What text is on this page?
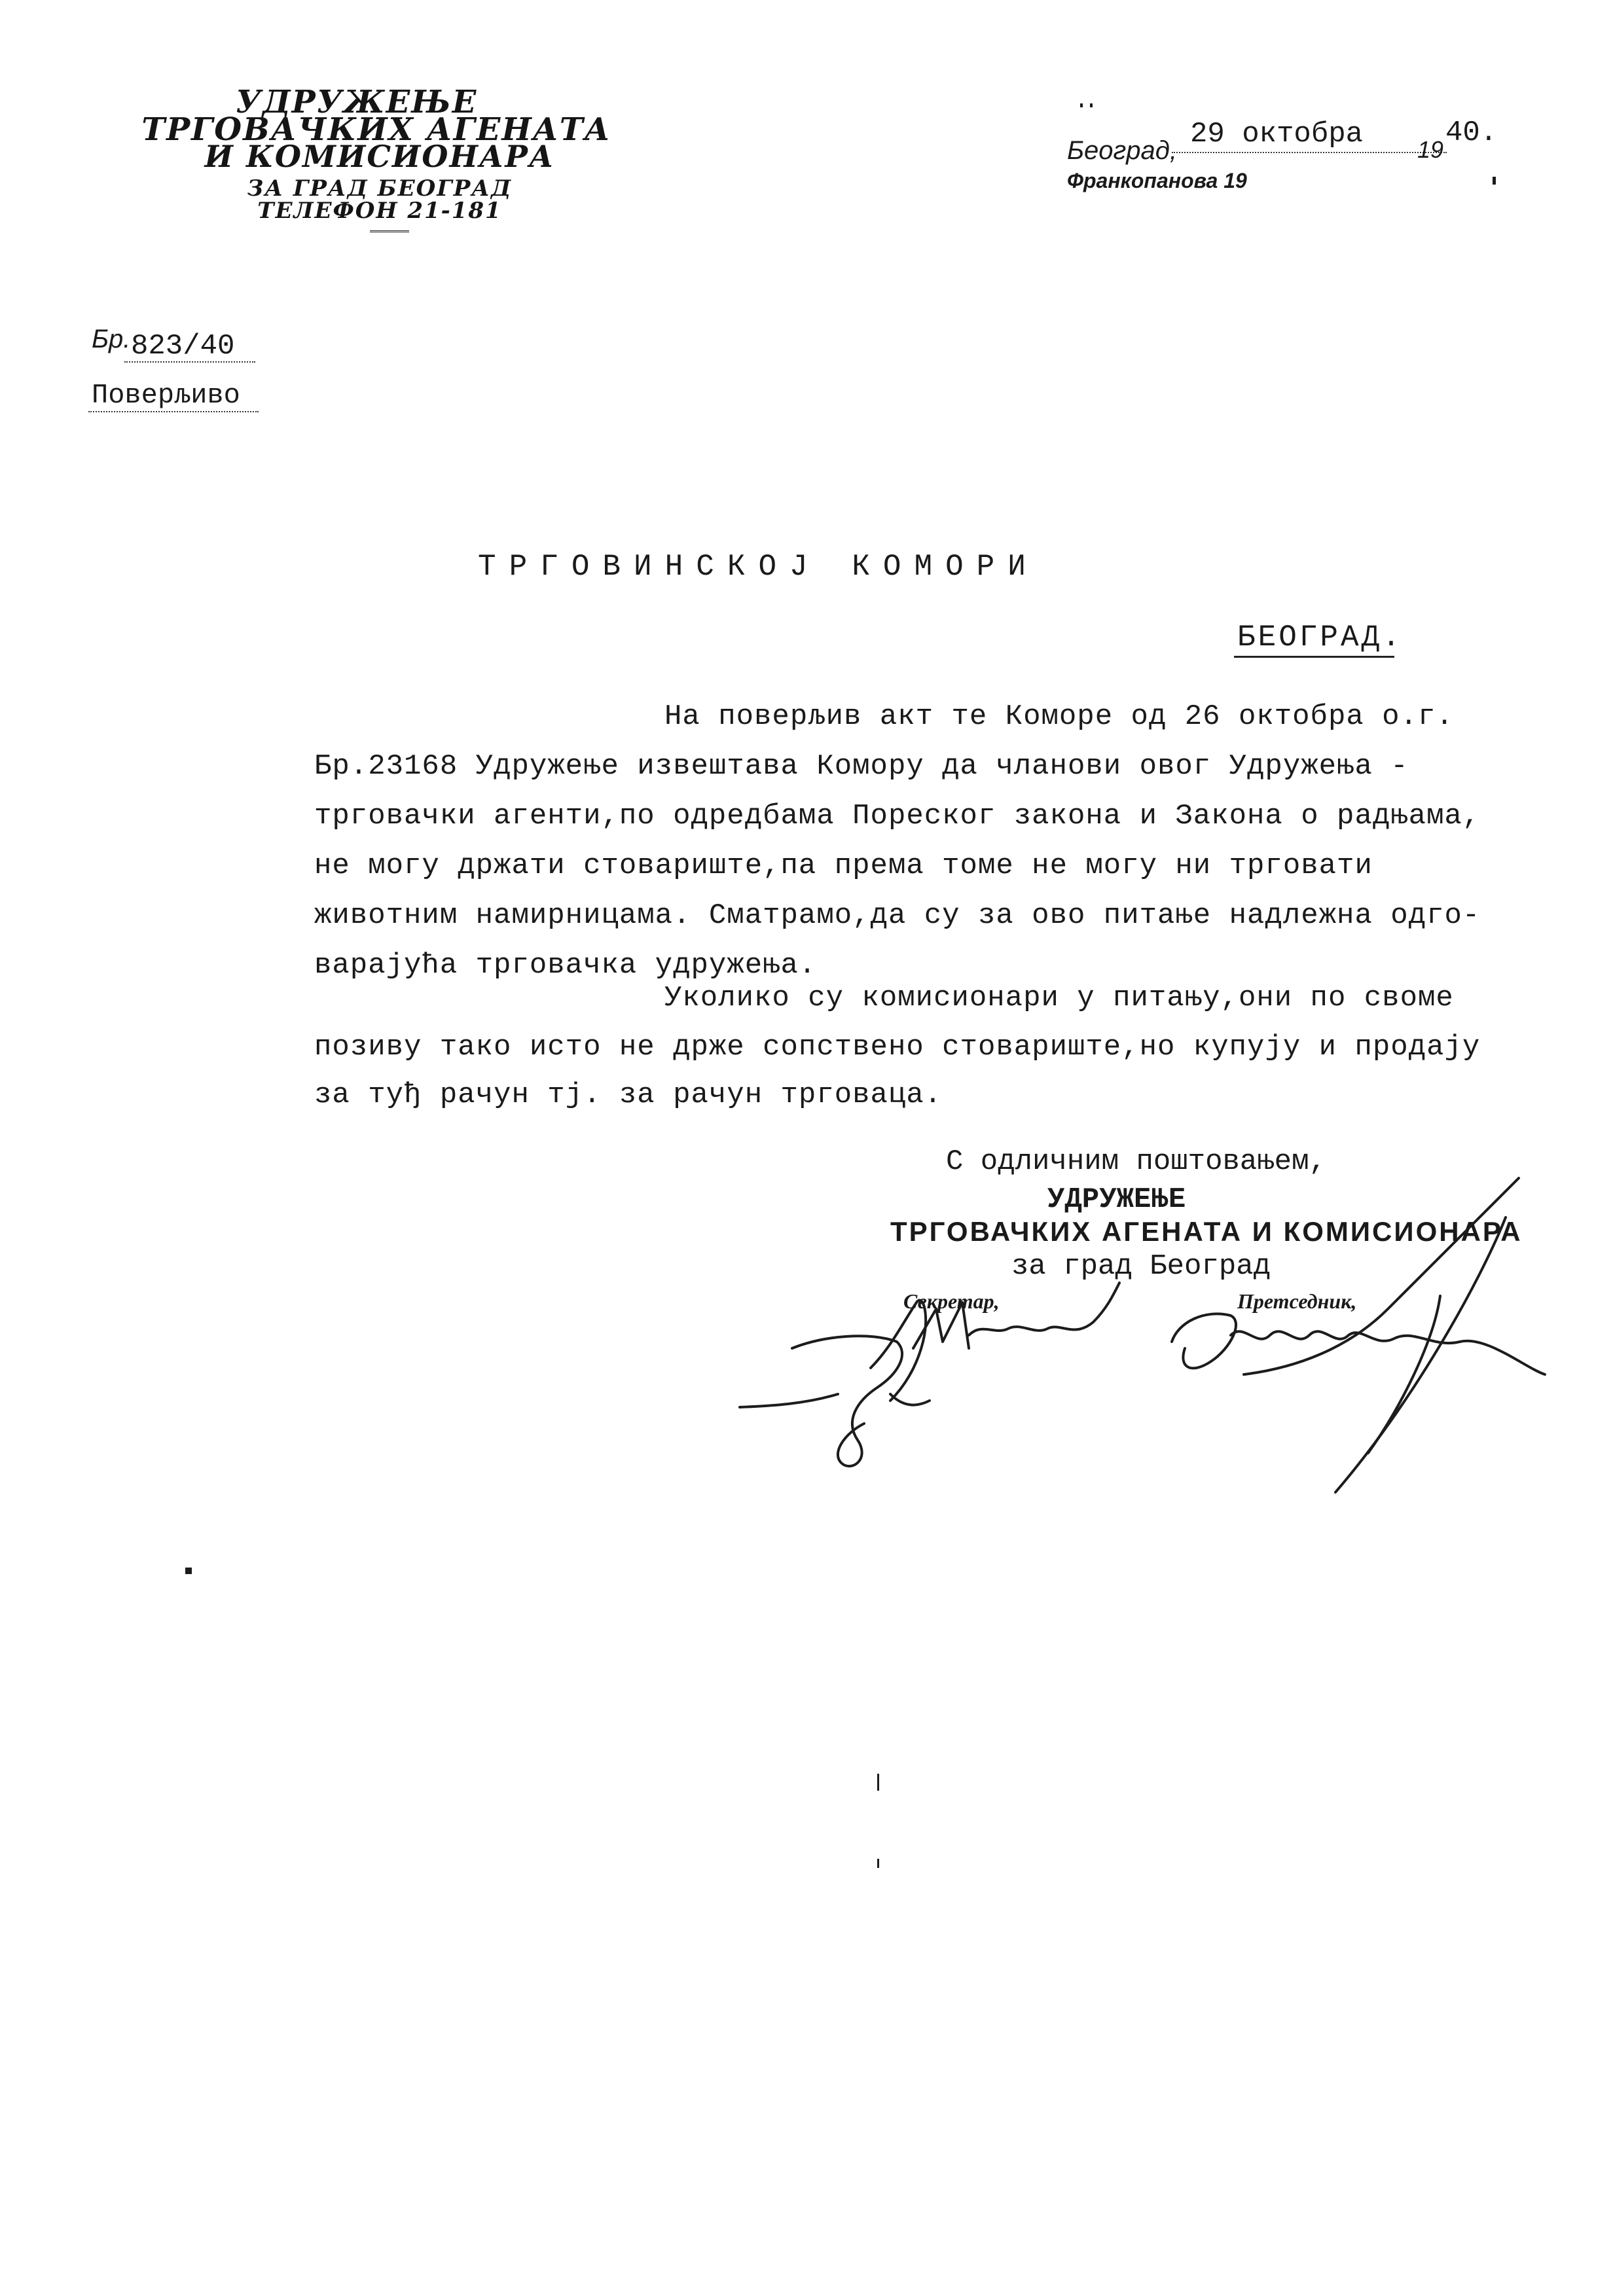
УДРУЖЕЊЕ
ТРГОВАЧКИХ АГЕНАТА
И КОМИСИОНАРА
ЗА ГРАД БЕОГРАД
ТЕЛЕФОН 21-181
Београд, 29 октобра 19
40.
Франкопанова 19
Бр. 823/40
Поверљиво
ТРГОВИНСКОЈ КОМОРИ
БЕОГРАД.
На поверљив акт те Коморе од 26 октобра о.г.
Бр.23168 Удружење извештава Комору да чланови овог Удружења -
трговачки агенти,по одредбама Пореског закона и Закона о радњама,
не могу држати стовариште,па према томе не могу ни трговати
животним намирницама. Сматрамо,да су за ово питање надлежна одго-
варајућа трговачка удружења.
Уколико су комисионари у питању,они по своме
позиву тако исто не држе сопствено стовариште,но купују и продају
за туђ рачун тј. за рачун трговаца.
С одличним поштовањем,
УДРУЖЕЊЕ
ТРГОВАЧКИХ АГЕНАТА И КОМИСИОНАРА
за град Београд
Секретар,	Претседник,
